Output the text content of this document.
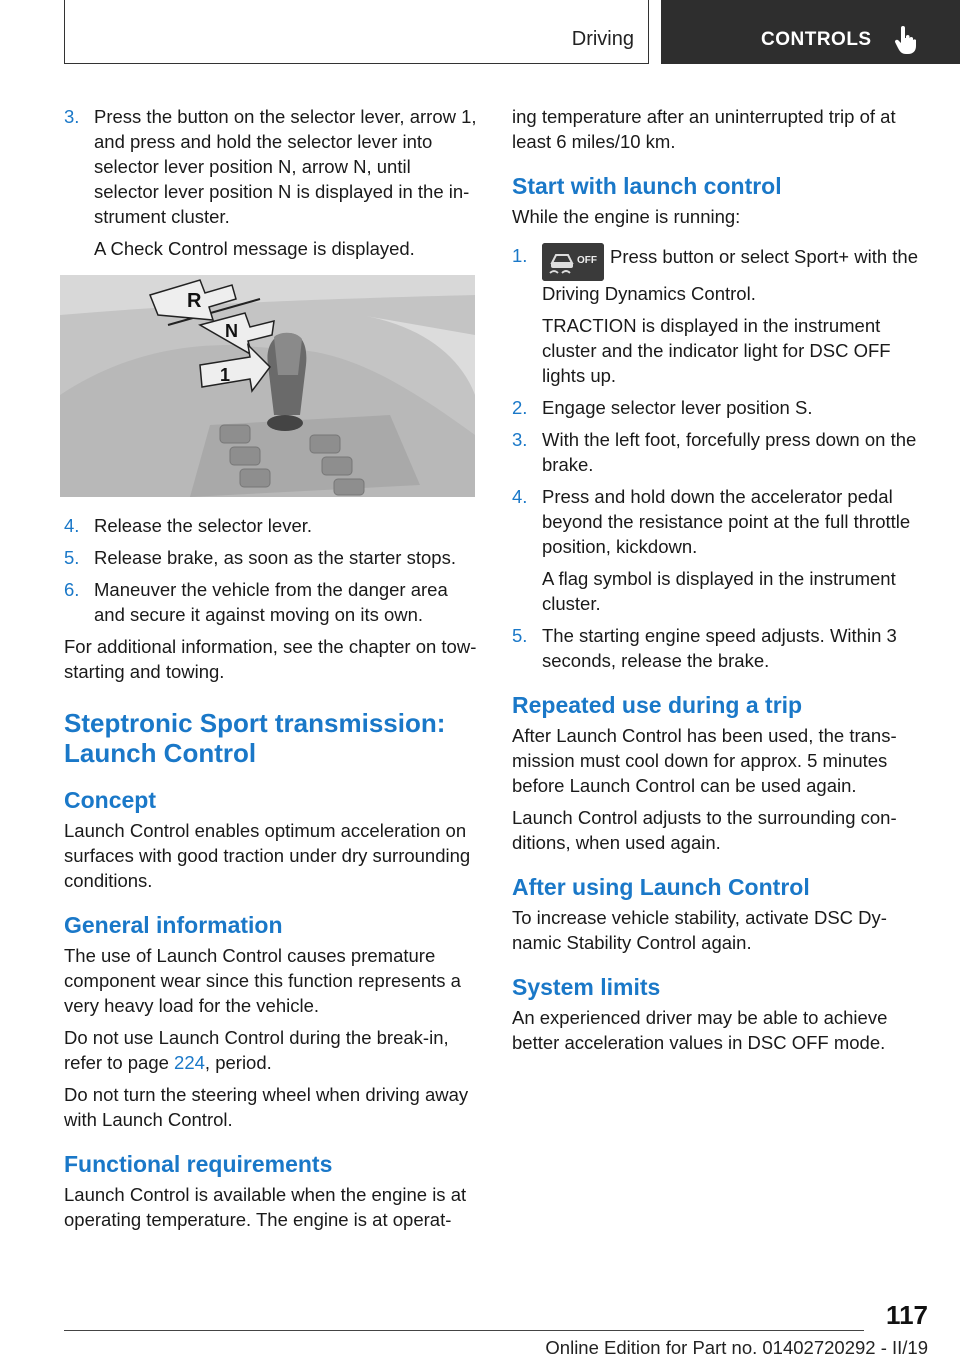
Driving	CONTROLS
3. Press the button on the selector lever, arrow 1, and press and hold the selector lever into selector lever position N, arrow N, until selector lever position N is displayed in the instrument cluster.

A Check Control message is displayed.

R
N
1
4. Release the selector lever.

5. Release brake, as soon as the starter stops.

6. Maneuver the vehicle from the danger area and secure it against moving on its own.

For additional information, see the chapter on tow-starting and towing.

Steptronic Sport transmission: Launch Control
Concept

Launch Control enables optimum acceleration on surfaces with good traction under dry surrounding conditions.

General information

The use of Launch Control causes premature component wear since this function represents a very heavy load for the vehicle.

Do not use Launch Control during the break-in, refer to page 224, period.

Do not turn the steering wheel when driving away with Launch Control.

Functional requirements

Launch Control is available when the engine is at operating temperature. The engine is at operat-

ing temperature after an uninterrupted trip of at least 6 miles/10 km.

Start with launch control

While the engine is running:

1.	OFF Press button or select Sport+ with the Driving Dynamics Control.

TRACTION is displayed in the instrument cluster and the indicator light for DSC OFF lights up.

2. Engage selector lever position S.

3. With the left foot, forcefully press down on the brake.

4. Press and hold down the accelerator pedal beyond the resistance point at the full throttle position, kickdown.

A flag symbol is displayed in the instrument cluster.

5. The starting engine speed adjusts. Within 3 seconds, release the brake.

Repeated use during a trip

After Launch Control has been used, the transmission must cool down for approx. 5 minutes before Launch Control can be used again.

Launch Control adjusts to the surrounding conditions, when used again.

After using Launch Control

To increase vehicle stability, activate DSC Dynamic Stability Control again.

System limits

An experienced driver may be able to achieve better acceleration values in DSC OFF mode.

117
Online Edition for Part no. 01402720292 - II/19
